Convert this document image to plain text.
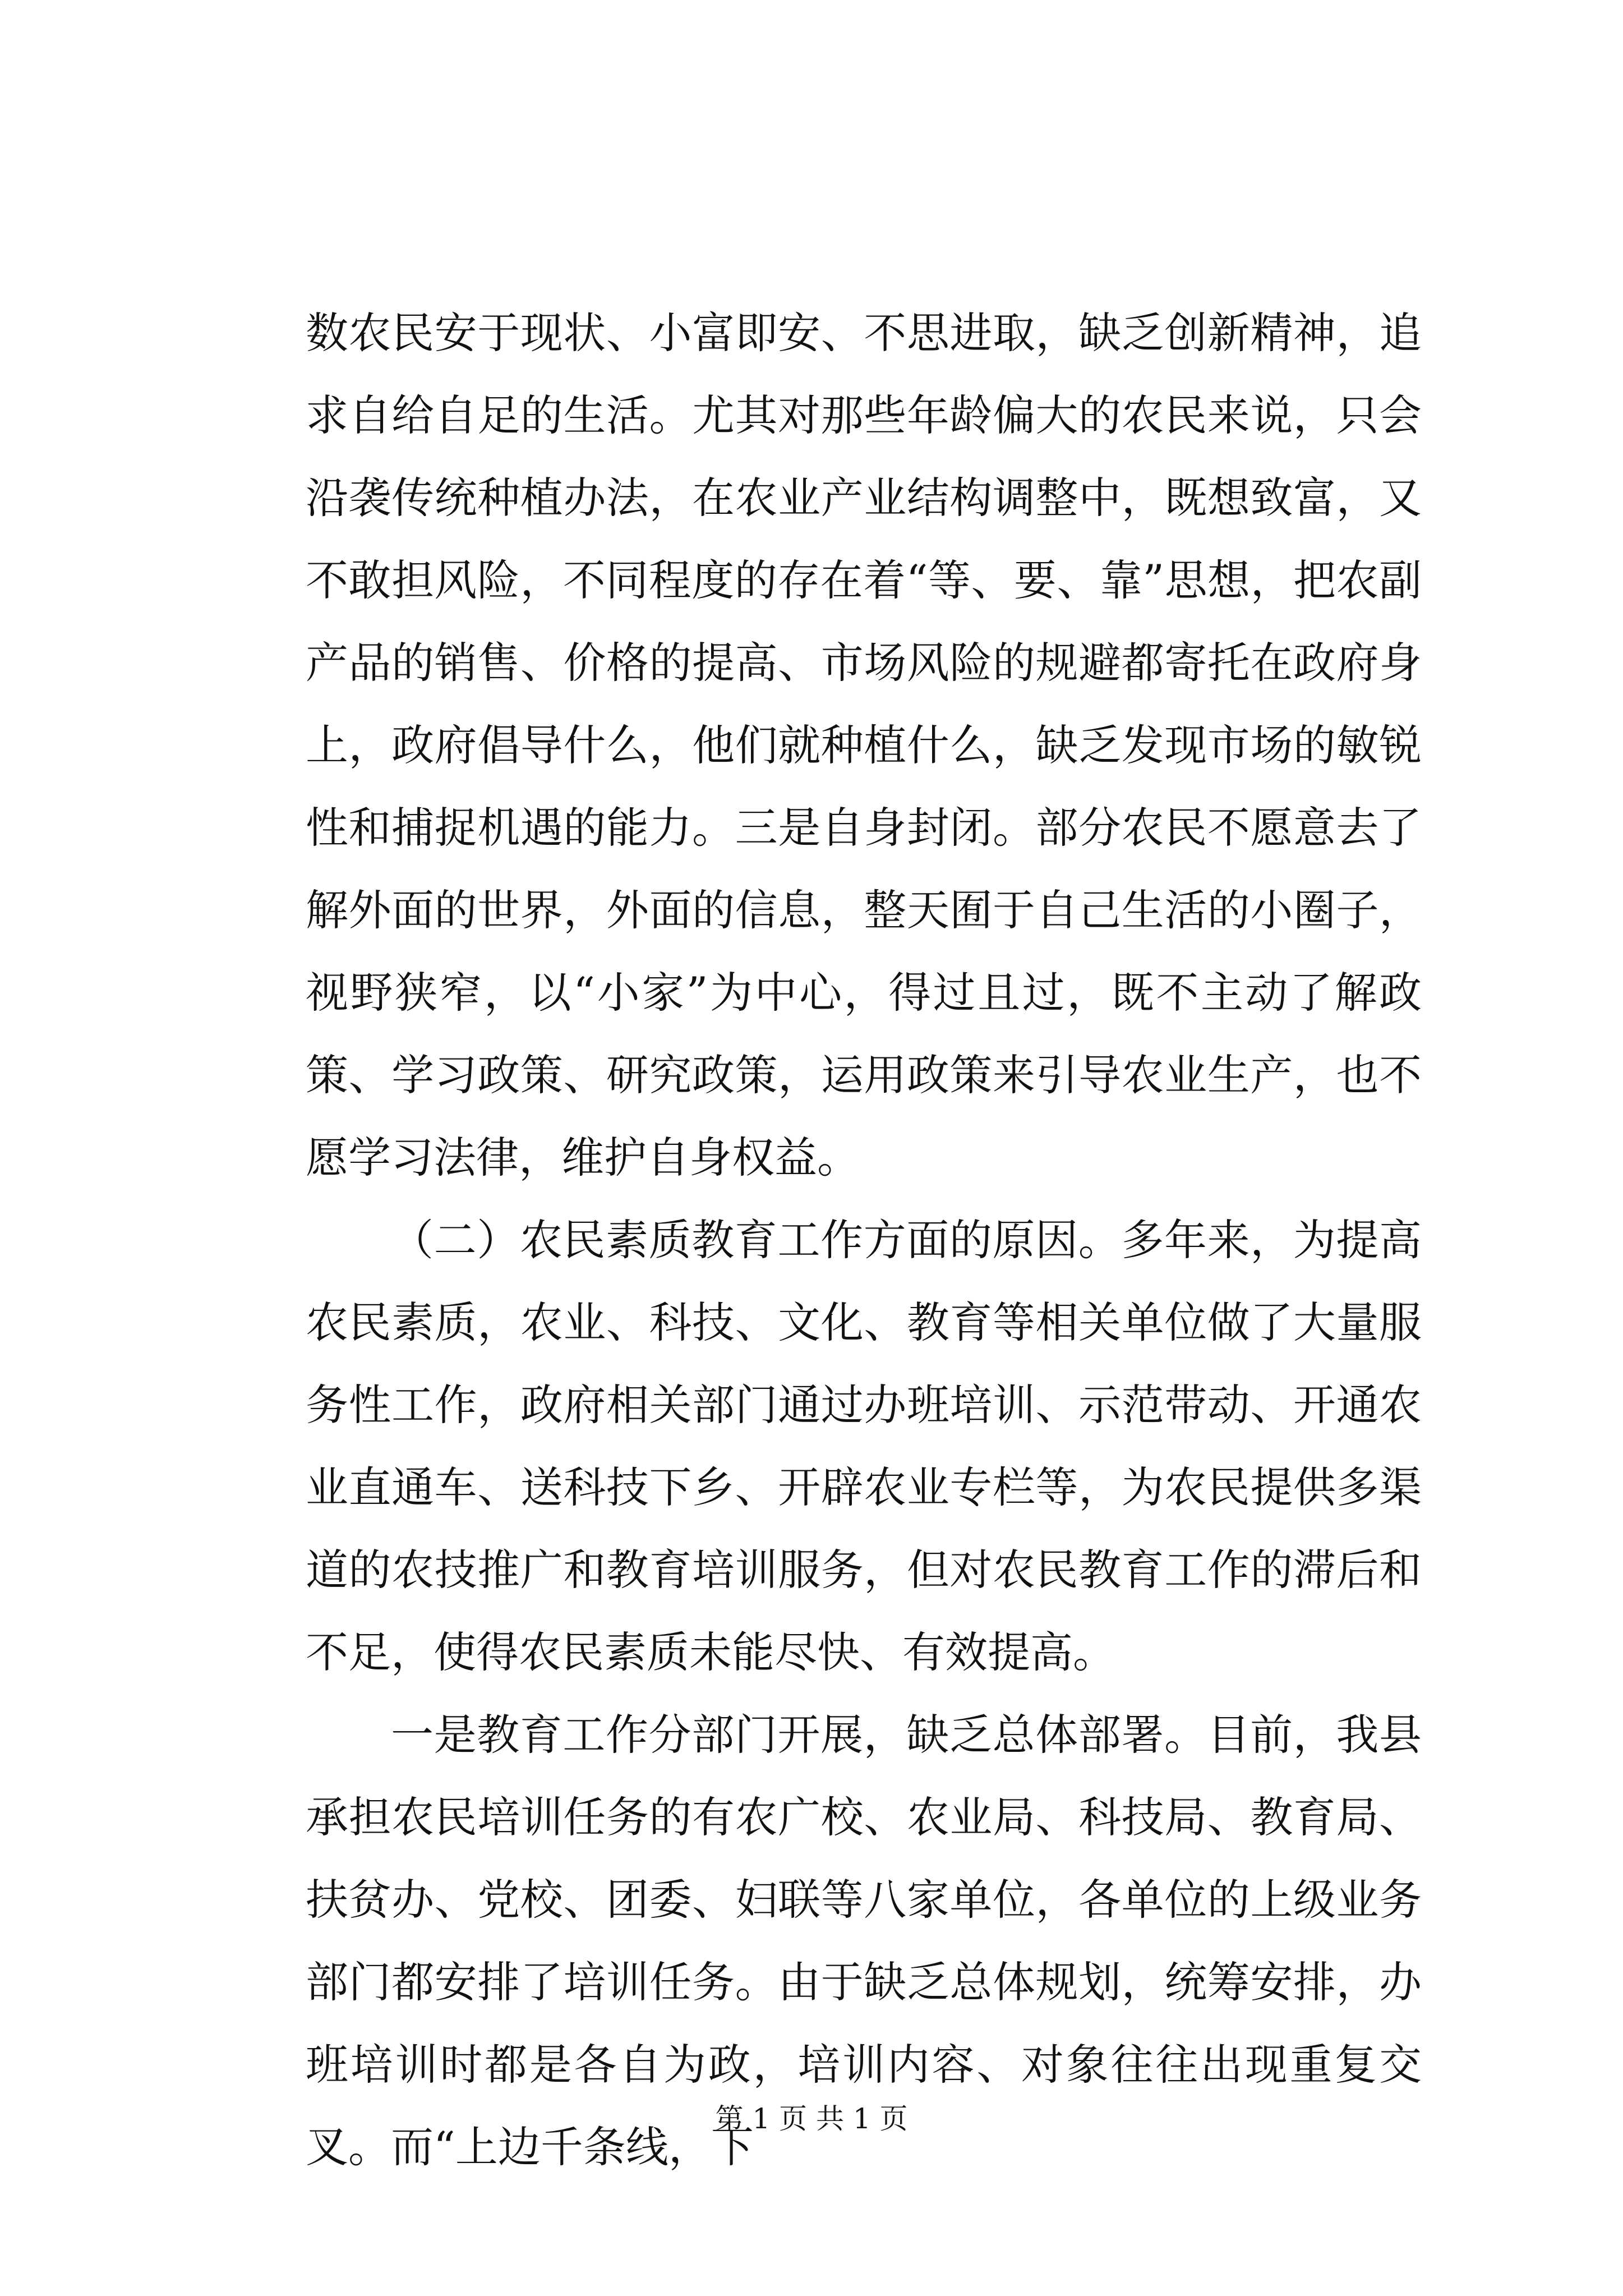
数农民安于现状、小富即安、不思进取，缺乏创新精神，追求自给自足的生活。尤其对那些年龄偏大的农民来说，只会沿袭传统种植办法，在农业产业结构调整中，既想致富，又不敢担风险，不同程度的存在着“等、要、靠”思想，把农副产品的销售、价格的提高、市场风险的规避都寄托在政府身上，政府倡导什么，他们就种植什么，缺乏发现市场的敏锐性和捕捉机遇的能力。三是自身封闭。部分农民不愿意去了解外面的世界，外面的信息，整天囿于自己生活的小圈子，视野狭窄，以“小家”为中心，得过且过，既不主动了解政策、学习政策、研究政策，运用政策来引导农业生产，也不愿学习法律，维护自身权益。

（二）农民素质教育工作方面的原因。多年来，为提高农民素质，农业、科技、文化、教育等相关单位做了大量服务性工作，政府相关部门通过办班培训、示范带动、开通农业直通车、送科技下乡、开辟农业专栏等，为农民提供多渠道的农技推广和教育培训服务，但对农民教育工作的滞后和不足，使得农民素质未能尽快、有效提高。

一是教育工作分部门开展，缺乏总体部署。目前，我县承担农民培训任务的有农广校、农业局、科技局、教育局、扶贫办、党校、团委、妇联等八家单位，各单位的上级业务部门都安排了培训任务。由于缺乏总体规划，统筹安排，办班培训时都是各自为政，培训内容、对象往往出现重复交叉。而“上边千条线，下

第 1 页 共 1 页
